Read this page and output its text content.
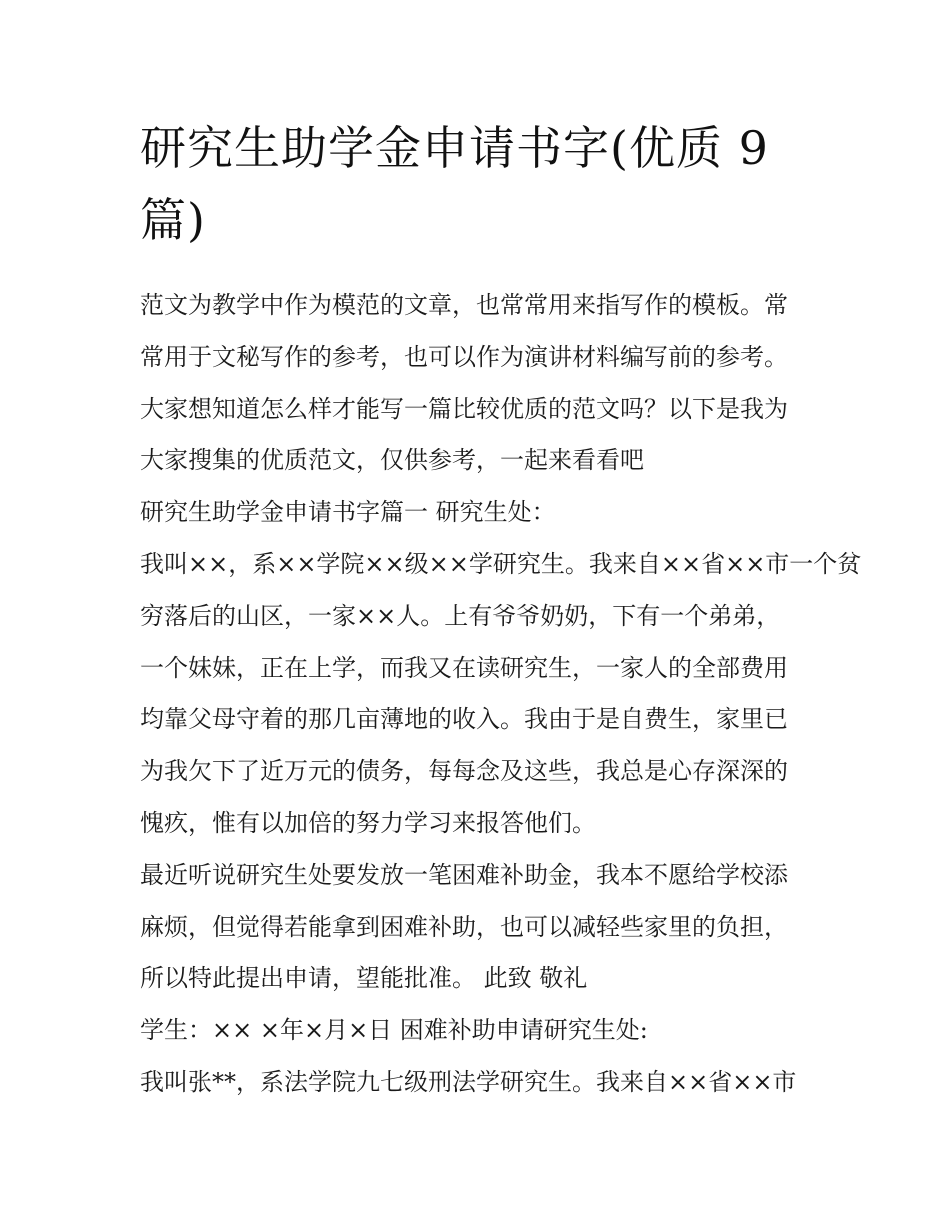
研究生助学金申请书字(优质 9 篇)
范文为教学中作为模范的文章，也常常用来指写作的模板。常
常用于文秘写作的参考，也可以作为演讲材料编写前的参考。
大家想知道怎么样才能写一篇比较优质的范文吗？以下是我为
大家搜集的优质范文，仅供参考，一起来看看吧
研究生助学金申请书字篇一 研究生处：
我叫××，系××学院××级××学研究生。我来自××省××市一个贫
穷落后的山区，一家××人。上有爷爷奶奶，下有一个弟弟，
一个妹妹，正在上学，而我又在读研究生，一家人的全部费用
均靠父母守着的那几亩薄地的收入。我由于是自费生，家里已
为我欠下了近万元的债务，每每念及这些，我总是心存深深的
愧疚，惟有以加倍的努力学习来报答他们。
最近听说研究生处要发放一笔困难补助金，我本不愿给学校添
麻烦，但觉得若能拿到困难补助，也可以减轻些家里的负担，
所以特此提出申请，望能批准。 此致 敬礼
学生：×× ×年×月×日 困难补助申请研究生处:
我叫张**，系法学院九七级刑法学研究生。我来自××省××市
